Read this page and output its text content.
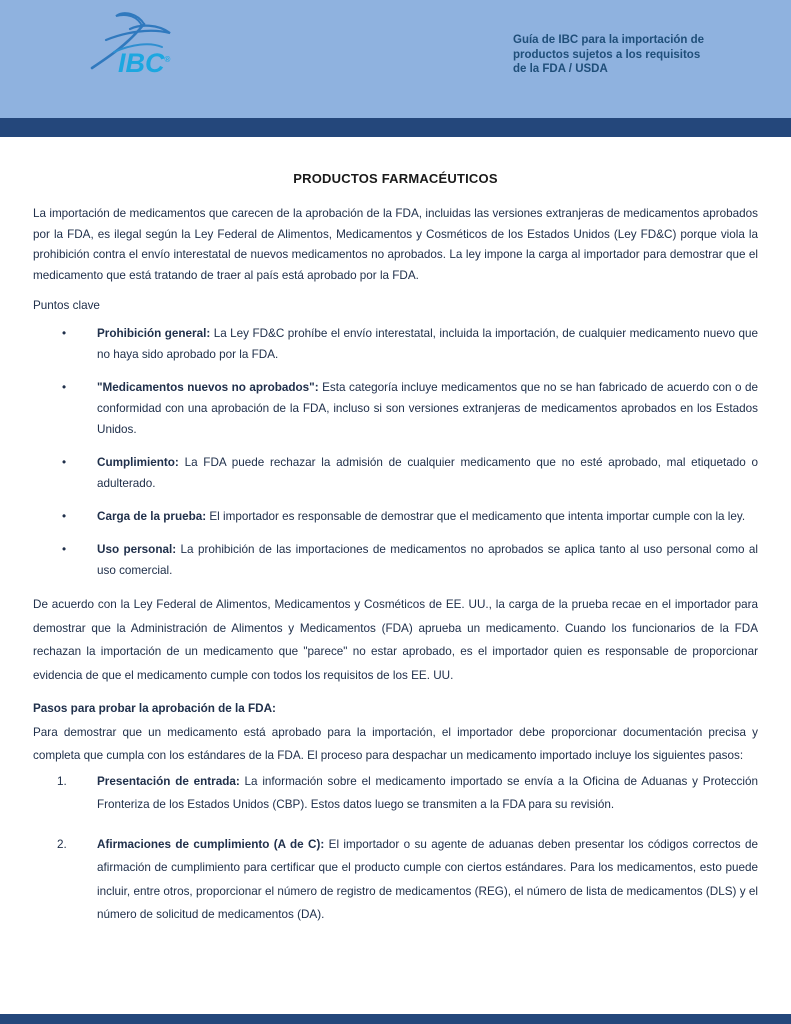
IBC®
Guía de IBC para la importación de
productos sujetos a los requisitos
de la FDA / USDA
PRODUCTOS FARMACÉUTICOS

La importación de medicamentos que carecen de la aprobación de la FDA, incluidas las versiones extranjeras de medicamentos aprobados por la FDA, es ilegal según la Ley Federal de Alimentos, Medicamentos y Cosméticos de los Estados Unidos (Ley FD&C) porque viola la prohibición contra el envío interestatal de nuevos medicamentos no aprobados. La ley impone la carga al importador para demostrar que el medicamento que está tratando de traer al país está aprobado por la FDA.

Puntos clave

•	Prohibición general: La Ley FD&C prohíbe el envío interestatal, incluida la importación, de cualquier medicamento nuevo que no haya sido aprobado por la FDA.
•	"Medicamentos nuevos no aprobados": Esta categoría incluye medicamentos que no se han fabricado de acuerdo con o de conformidad con una aprobación de la FDA, incluso si son versiones extranjeras de medicamentos aprobados en los Estados Unidos.
•	Cumplimiento: La FDA puede rechazar la admisión de cualquier medicamento que no esté aprobado, mal etiquetado o adulterado.
•	Carga de la prueba: El importador es responsable de demostrar que el medicamento que intenta importar cumple con la ley.
•	Uso personal: La prohibición de las importaciones de medicamentos no aprobados se aplica tanto al uso personal como al uso comercial.

De acuerdo con la Ley Federal de Alimentos, Medicamentos y Cosméticos de EE. UU., la carga de la prueba recae en el importador para demostrar que la Administración de Alimentos y Medicamentos (FDA) aprueba un medicamento. Cuando los funcionarios de la FDA rechazan la importación de un medicamento que "parece" no estar aprobado, es el importador quien es responsable de proporcionar evidencia de que el medicamento cumple con todos los requisitos de los EE. UU.

Pasos para probar la aprobación de la FDA:

Para demostrar que un medicamento está aprobado para la importación, el importador debe proporcionar documentación precisa y completa que cumpla con los estándares de la FDA. El proceso para despachar un medicamento importado incluye los siguientes pasos:

1.	Presentación de entrada: La información sobre el medicamento importado se envía a la Oficina de Aduanas y Protección Fronteriza de los Estados Unidos (CBP). Estos datos luego se transmiten a la FDA para su revisión.
2.	Afirmaciones de cumplimiento (A de C): El importador o su agente de aduanas deben presentar los códigos correctos de afirmación de cumplimiento para certificar que el producto cumple con ciertos estándares. Para los medicamentos, esto puede incluir, entre otros, proporcionar el número de registro de medicamentos (REG), el número de lista de medicamentos (DLS) y el número de solicitud de medicamentos (DA).
